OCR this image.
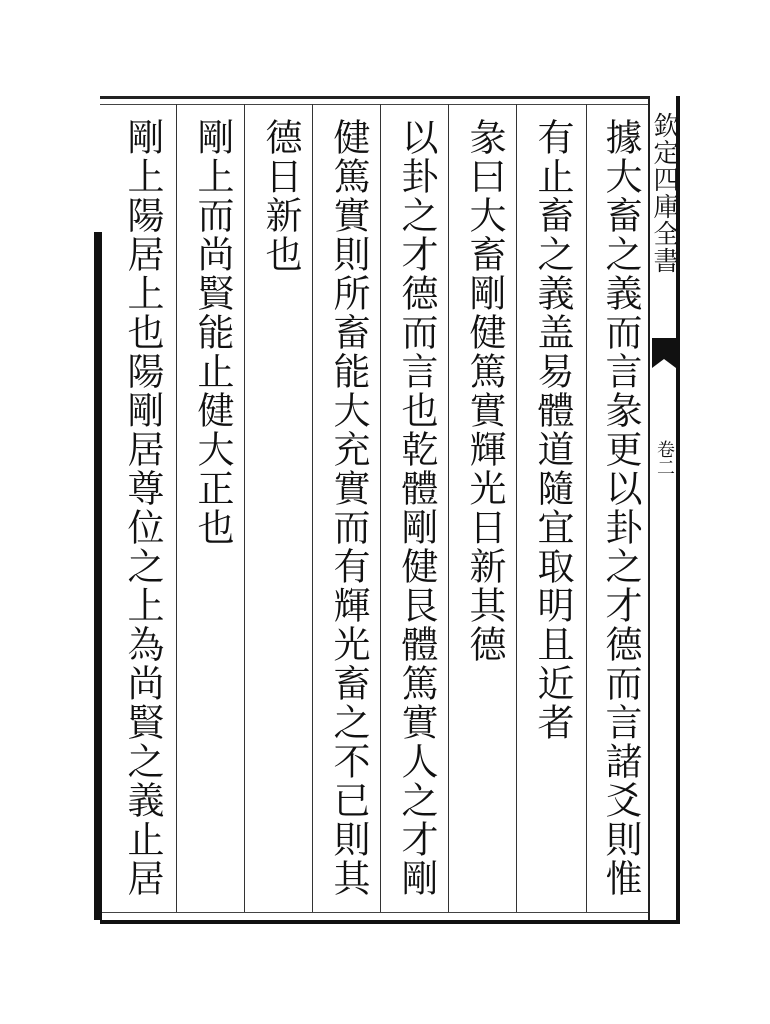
欽定四庫全書
卷二
據大畜之義而言彖更以卦之才德而言諸爻則惟
有止畜之義盖易體道隨宜取明且近者
彖曰大畜剛健篤實輝光日新其德
以卦之才德而言也乾體剛健艮體篤實人之才剛
健篤實則所畜能大充實而有輝光畜之不已則其
德日新也
剛上而尚賢能止健大正也
剛上陽居上也陽剛居尊位之上為尚賢之義止居
